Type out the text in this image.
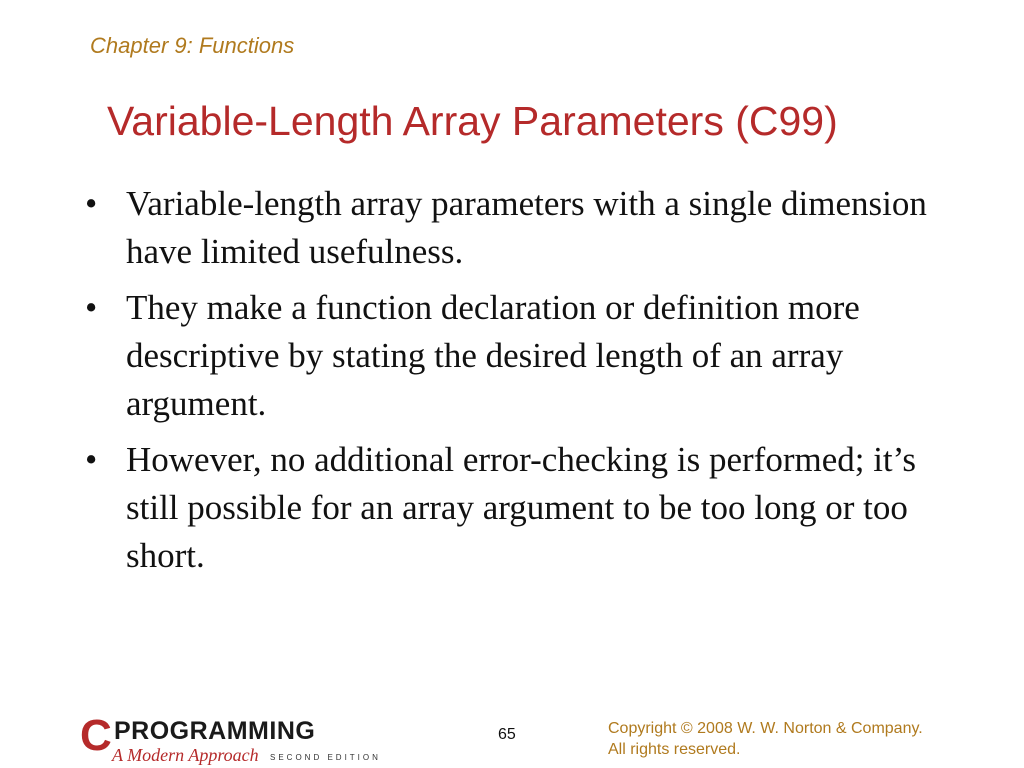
Chapter 9: Functions
Variable-Length Array Parameters (C99)
• Variable-length array parameters with a single dimension have limited usefulness.
• They make a function declaration or definition more descriptive by stating the desired length of an array argument.
• However, no additional error-checking is performed; it’s still possible for an array argument to be too long or too short.
C PROGRAMMING
A Modern Approach SECOND EDITION
65	Copyright © 2008 W. W. Norton & Company.
All rights reserved.
